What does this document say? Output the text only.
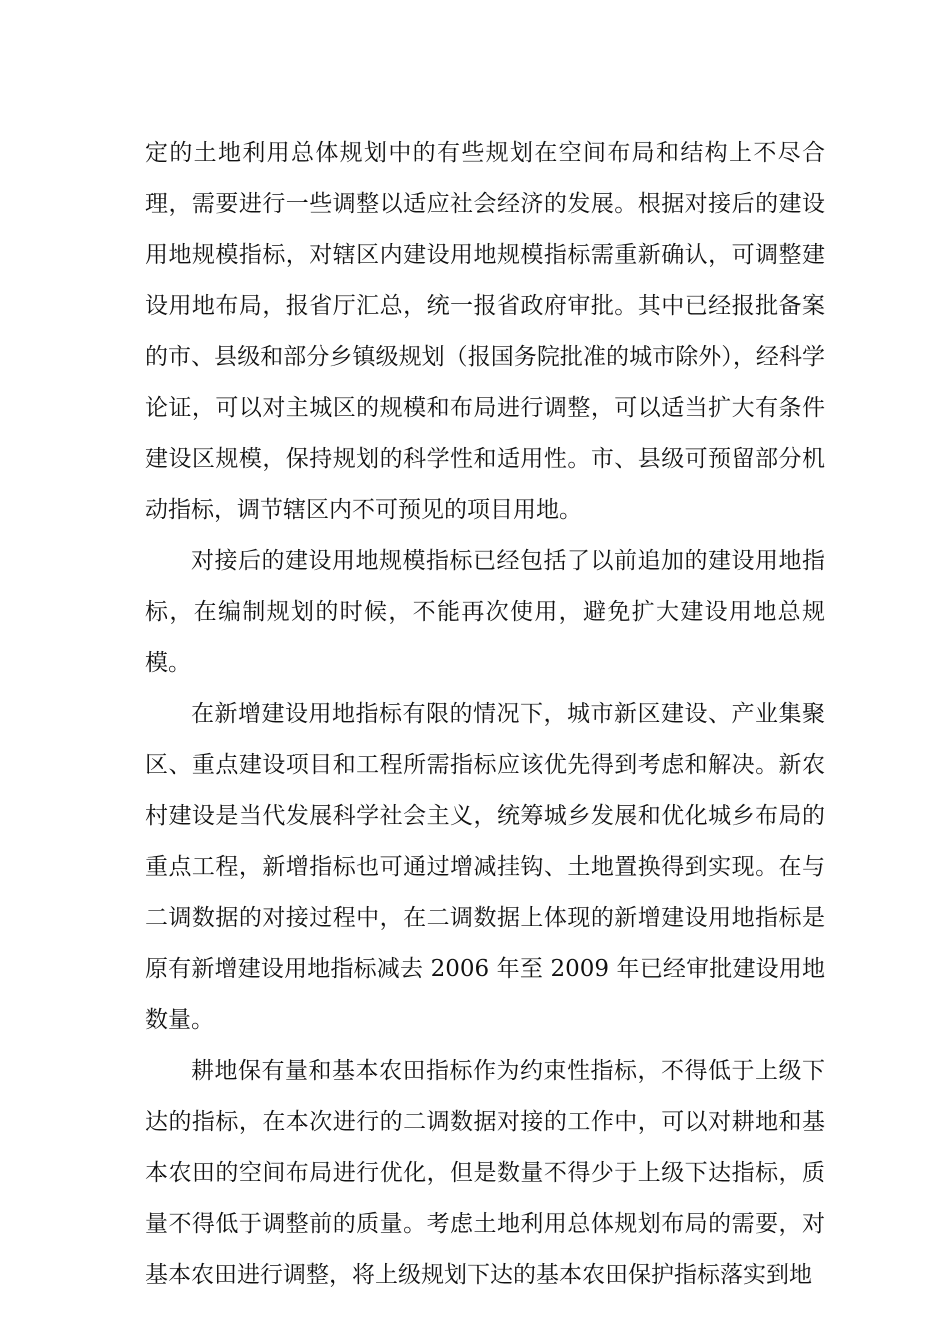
定的土地利用总体规划中的有些规划在空间布局和结构上不尽合理，需要进行一些调整以适应社会经济的发展。根据对接后的建设用地规模指标，对辖区内建设用地规模指标需重新确认，可调整建设用地布局，报省厅汇总，统一报省政府审批。其中已经报批备案的市、县级和部分乡镇级规划（报国务院批准的城市除外），经科学论证，可以对主城区的规模和布局进行调整，可以适当扩大有条件建设区规模，保持规划的科学性和适用性。市、县级可预留部分机动指标，调节辖区内不可预见的项目用地。

对接后的建设用地规模指标已经包括了以前追加的建设用地指标，在编制规划的时候，不能再次使用，避免扩大建设用地总规模。

在新增建设用地指标有限的情况下，城市新区建设、产业集聚区、重点建设项目和工程所需指标应该优先得到考虑和解决。新农村建设是当代发展科学社会主义，统筹城乡发展和优化城乡布局的重点工程，新增指标也可通过增减挂钩、土地置换得到实现。在与二调数据的对接过程中，在二调数据上体现的新增建设用地指标是原有新增建设用地指标减去 2006 年至 2009 年已经审批建设用地数量。

耕地保有量和基本农田指标作为约束性指标，不得低于上级下达的指标，在本次进行的二调数据对接的工作中，可以对耕地和基本农田的空间布局进行优化，但是数量不得少于上级下达指标，质量不得低于调整前的质量。考虑土地利用总体规划布局的需要，对基本农田进行调整，将上级规划下达的基本农田保护指标落实到地
